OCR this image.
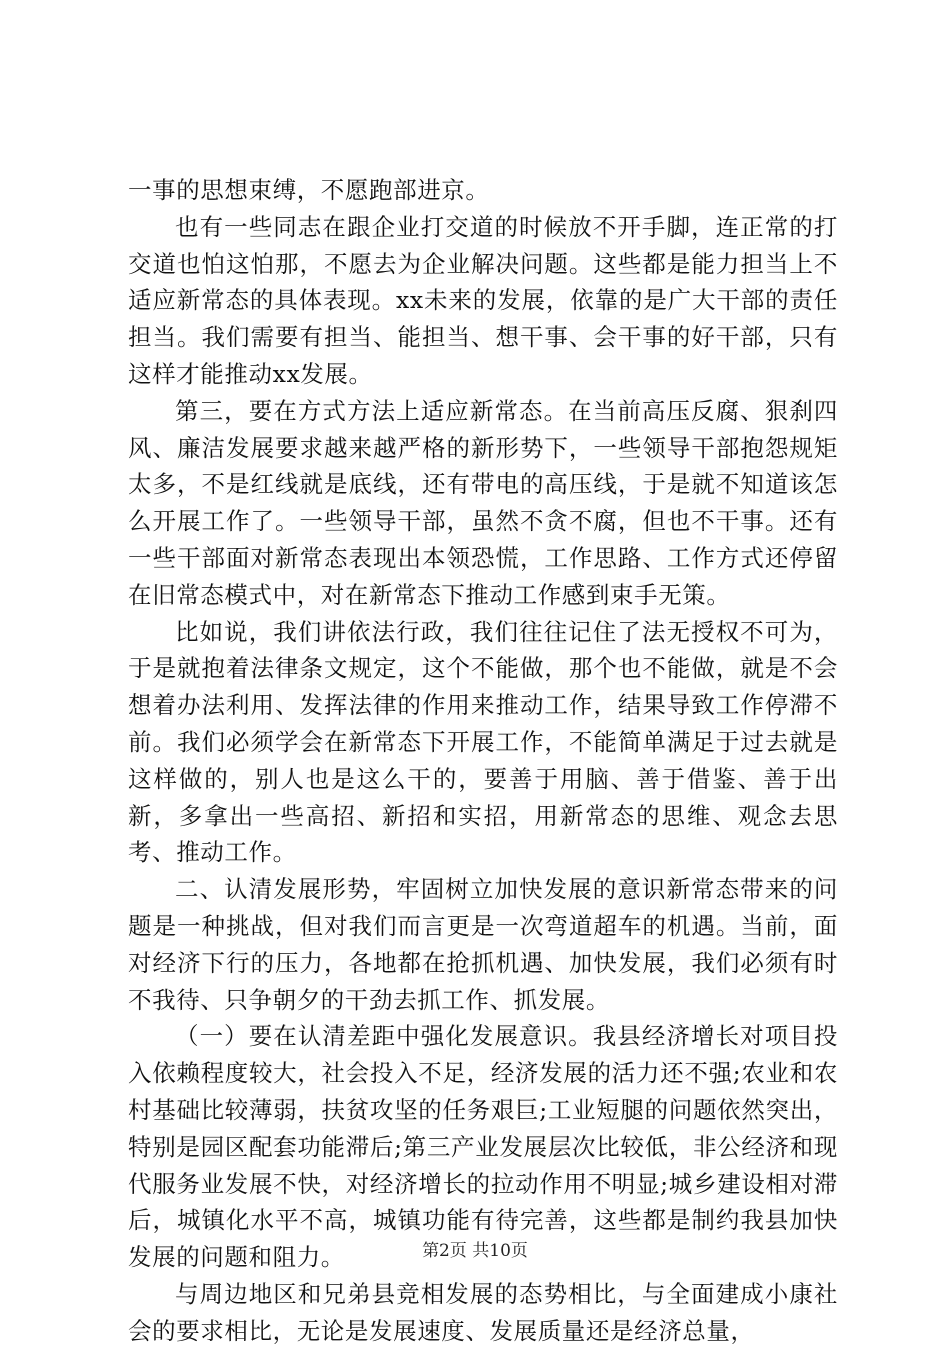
一事的思想束缚，不愿跑部进京。

也有一些同志在跟企业打交道的时候放不开手脚，连正常的打交道也怕这怕那，不愿去为企业解决问题。这些都是能力担当上不适应新常态的具体表现。xx未来的发展，依靠的是广大干部的责任担当。我们需要有担当、能担当、想干事、会干事的好干部，只有这样才能推动xx发展。

第三，要在方式方法上适应新常态。在当前高压反腐、狠刹四风、廉洁发展要求越来越严格的新形势下，一些领导干部抱怨规矩太多，不是红线就是底线，还有带电的高压线，于是就不知道该怎么开展工作了。一些领导干部，虽然不贪不腐，但也不干事。还有一些干部面对新常态表现出本领恐慌，工作思路、工作方式还停留在旧常态模式中，对在新常态下推动工作感到束手无策。

比如说，我们讲依法行政，我们往往记住了法无授权不可为，于是就抱着法律条文规定，这个不能做，那个也不能做，就是不会想着办法利用、发挥法律的作用来推动工作，结果导致工作停滞不前。我们必须学会在新常态下开展工作，不能简单满足于过去就是这样做的，别人也是这么干的，要善于用脑、善于借鉴、善于出新，多拿出一些高招、新招和实招，用新常态的思维、观念去思考、推动工作。

二、认清发展形势，牢固树立加快发展的意识新常态带来的问题是一种挑战，但对我们而言更是一次弯道超车的机遇。当前，面对经济下行的压力，各地都在抢抓机遇、加快发展，我们必须有时不我待、只争朝夕的干劲去抓工作、抓发展。

（一）要在认清差距中强化发展意识。我县经济增长对项目投入依赖程度较大，社会投入不足，经济发展的活力还不强;农业和农村基础比较薄弱，扶贫攻坚的任务艰巨;工业短腿的问题依然突出，特别是园区配套功能滞后;第三产业发展层次比较低，非公经济和现代服务业发展不快，对经济增长的拉动作用不明显;城乡建设相对滞后，城镇化水平不高，城镇功能有待完善，这些都是制约我县加快发展的问题和阻力。

与周边地区和兄弟县竞相发展的态势相比，与全面建成小康社会的要求相比，无论是发展速度、发展质量还是经济总量，

第2页 共10页
